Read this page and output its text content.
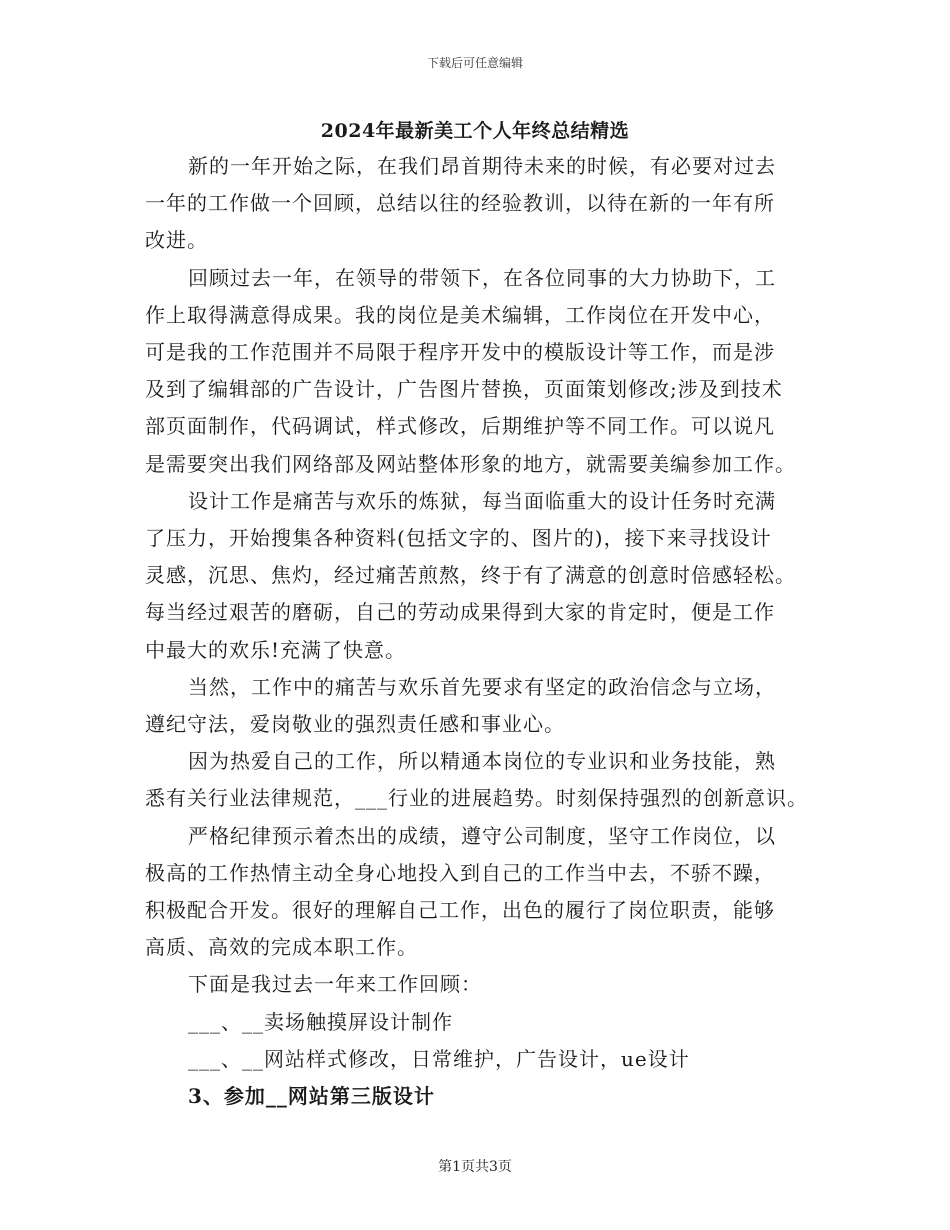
下载后可任意编辑
2024年最新美工个人年终总结精选
新的一年开始之际，在我们昂首期待未来的时候，有必要对过去
一年的工作做一个回顾，总结以往的经验教训，以待在新的一年有所
改进。
回顾过去一年，在领导的带领下，在各位同事的大力协助下，工
作上取得满意得成果。我的岗位是美术编辑，工作岗位在开发中心，
可是我的工作范围并不局限于程序开发中的模版设计等工作，而是涉
及到了编辑部的广告设计，广告图片替换，页面策划修改;涉及到技术
部页面制作，代码调试，样式修改，后期维护等不同工作。可以说凡
是需要突出我们网络部及网站整体形象的地方，就需要美编参加工作。
设计工作是痛苦与欢乐的炼狱，每当面临重大的设计任务时充满
了压力，开始搜集各种资料(包括文字的、图片的)，接下来寻找设计
灵感，沉思、焦灼，经过痛苦煎熬，终于有了满意的创意时倍感轻松。
每当经过艰苦的磨砺，自己的劳动成果得到大家的肯定时，便是工作
中最大的欢乐!充满了快意。
当然，工作中的痛苦与欢乐首先要求有坚定的政治信念与立场，
遵纪守法，爱岗敬业的强烈责任感和事业心。
因为热爱自己的工作，所以精通本岗位的专业识和业务技能，熟
悉有关行业法律规范，___行业的进展趋势。时刻保持强烈的创新意识。
严格纪律预示着杰出的成绩，遵守公司制度，坚守工作岗位，以
极高的工作热情主动全身心地投入到自己的工作当中去，不骄不躁，
积极配合开发。很好的理解自己工作，出色的履行了岗位职责，能够
高质、高效的完成本职工作。
下面是我过去一年来工作回顾：
___、__卖场触摸屏设计制作
___、__网站样式修改，日常维护，广告设计，ue设计
3、参加__网站第三版设计
第1页共3页
